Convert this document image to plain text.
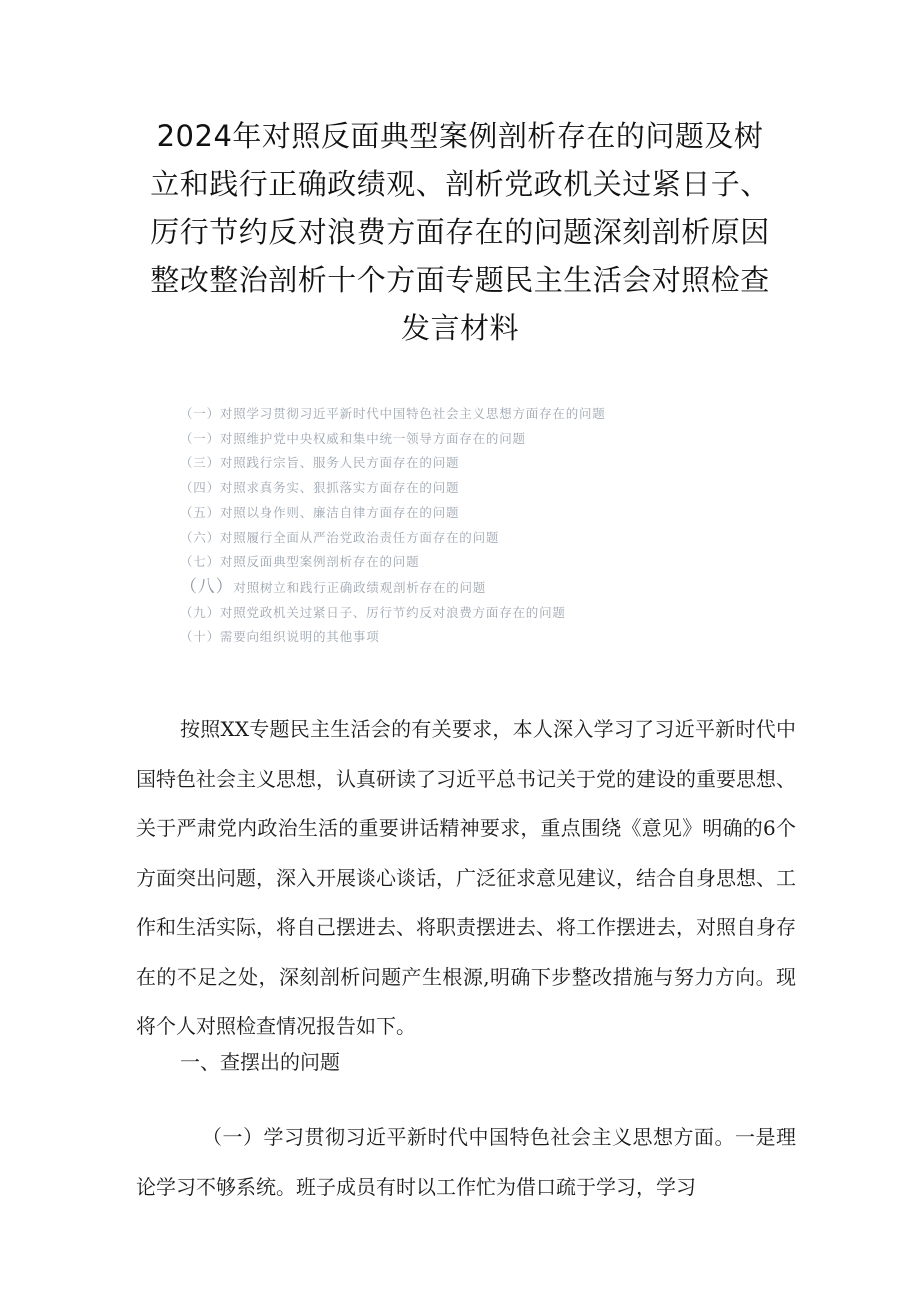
2024年对照反面典型案例剖析存在的问题及树立和践行正确政绩观、剖析党政机关过紧日子、厉行节约反对浪费方面存在的问题深刻剖析原因整改整治剖析十个方面专题民主生活会对照检查发言材料
（一）对照学习贯彻习近平新时代中国特色社会主义思想方面存在的问题
（一）对照维护党中央权威和集中统一领导方面存在的问题
（三）对照践行宗旨、服务人民方面存在的问题
（四）对照求真务实、狠抓落实方面存在的问题
（五）对照以身作则、廉洁自律方面存在的问题
（六）对照履行全面从严治党政治责任方面存在的问题
（七）对照反面典型案例剖析存在的问题
（八）对照树立和践行正确政绩观剖析存在的问题
（九）对照党政机关过紧日子、厉行节约反对浪费方面存在的问题
（十）需要向组织说明的其他事项

按照XX专题民主生活会的有关要求，本人深入学习了习近平新时代中国特色社会主义思想，认真研读了习近平总书记关于党的建设的重要思想、关于严肃党内政治生活的重要讲话精神要求，重点围绕《意见》明确的6个方面突出问题，深入开展谈心谈话，广泛征求意见建议，结合自身思想、工作和生活实际，将自己摆进去、将职责摆进去、将工作摆进去，对照自身存在的不足之处，深刻剖析问题产生根源,明确下步整改措施与努力方向。现将个人对照检查情况报告如下。

一、查摆出的问题

（一）学习贯彻习近平新时代中国特色社会主义思想方面。一是理论学习不够系统。班子成员有时以工作忙为借口疏于学习，学习
